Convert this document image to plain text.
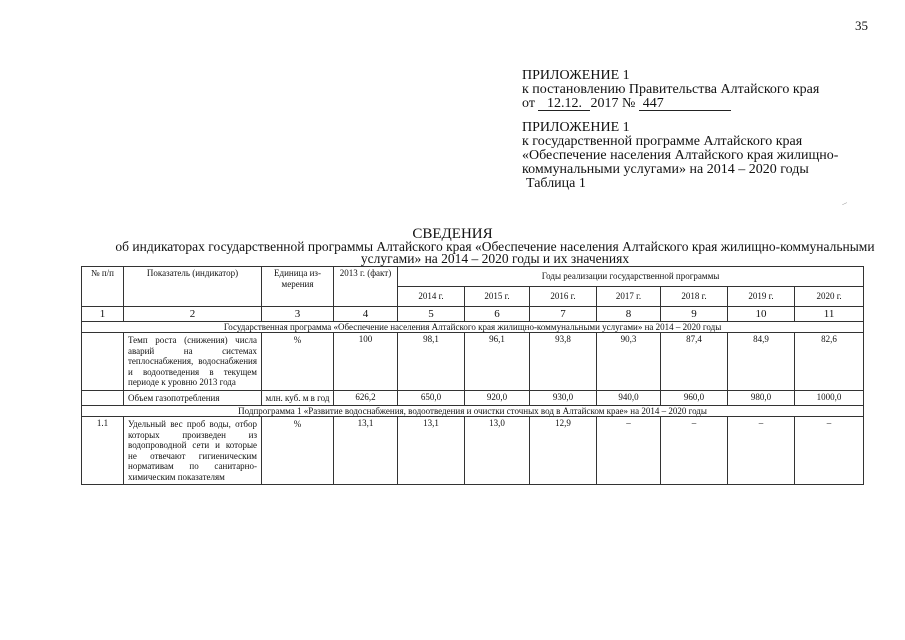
35
ПРИЛОЖЕНИЕ 1
к постановлению Правительства Алтайского края
от 12.12. 2017 № 447
ПРИЛОЖЕНИЕ 1
к государственной программе Алтайского края
«Обеспечение населения Алтайского края жилищно-
коммунальными услугами» на 2014 – 2020 годы
Таблица 1
‒
СВЕДЕНИЯ
об индикаторах государственной программы Алтайского края «Обеспечение населения Алтайского края жилищно-коммунальными услугами» на 2014 – 2020 годы и их значениях
№ п/п	Показатель (индикатор)	Единица из- мерения	2013 г. (факт)	Годы реализации государственной программы						
				2014 г.	2015 г.	2016 г.	2017 г.	2018 г.	2019 г.	2020 г.
1	2	3	4	5	6	7	8	9	10	11
Государственная программа «Обеспечение населения Алтайского края жилищно-коммунальными услугами» на 2014 – 2020 годы										
	Темп роста (снижения) числа аварий на системах теплоснабжения, водоснабжения и водоотведения в текущем периоде к уровню 2013 года	%	100	98,1	96,1	93,8	90,3	87,4	84,9	82,6
	Объем газопотребления	млн. куб. м в год	626,2	650,0	920,0	930,0	940,0	960,0	980,0	1000,0
Подпрограмма 1 «Развитие водоснабжения, водоотведения и очистки сточных вод в Алтайском крае» на 2014 – 2020 годы										
1.1	Удельный вес проб воды, отбор которых произведен из водопроводной сети и которые не отвечают гигиеническим нормативам по санитарно-химическим показателям	%	13,1	13,1	13,0	12,9	–	–	–	–
